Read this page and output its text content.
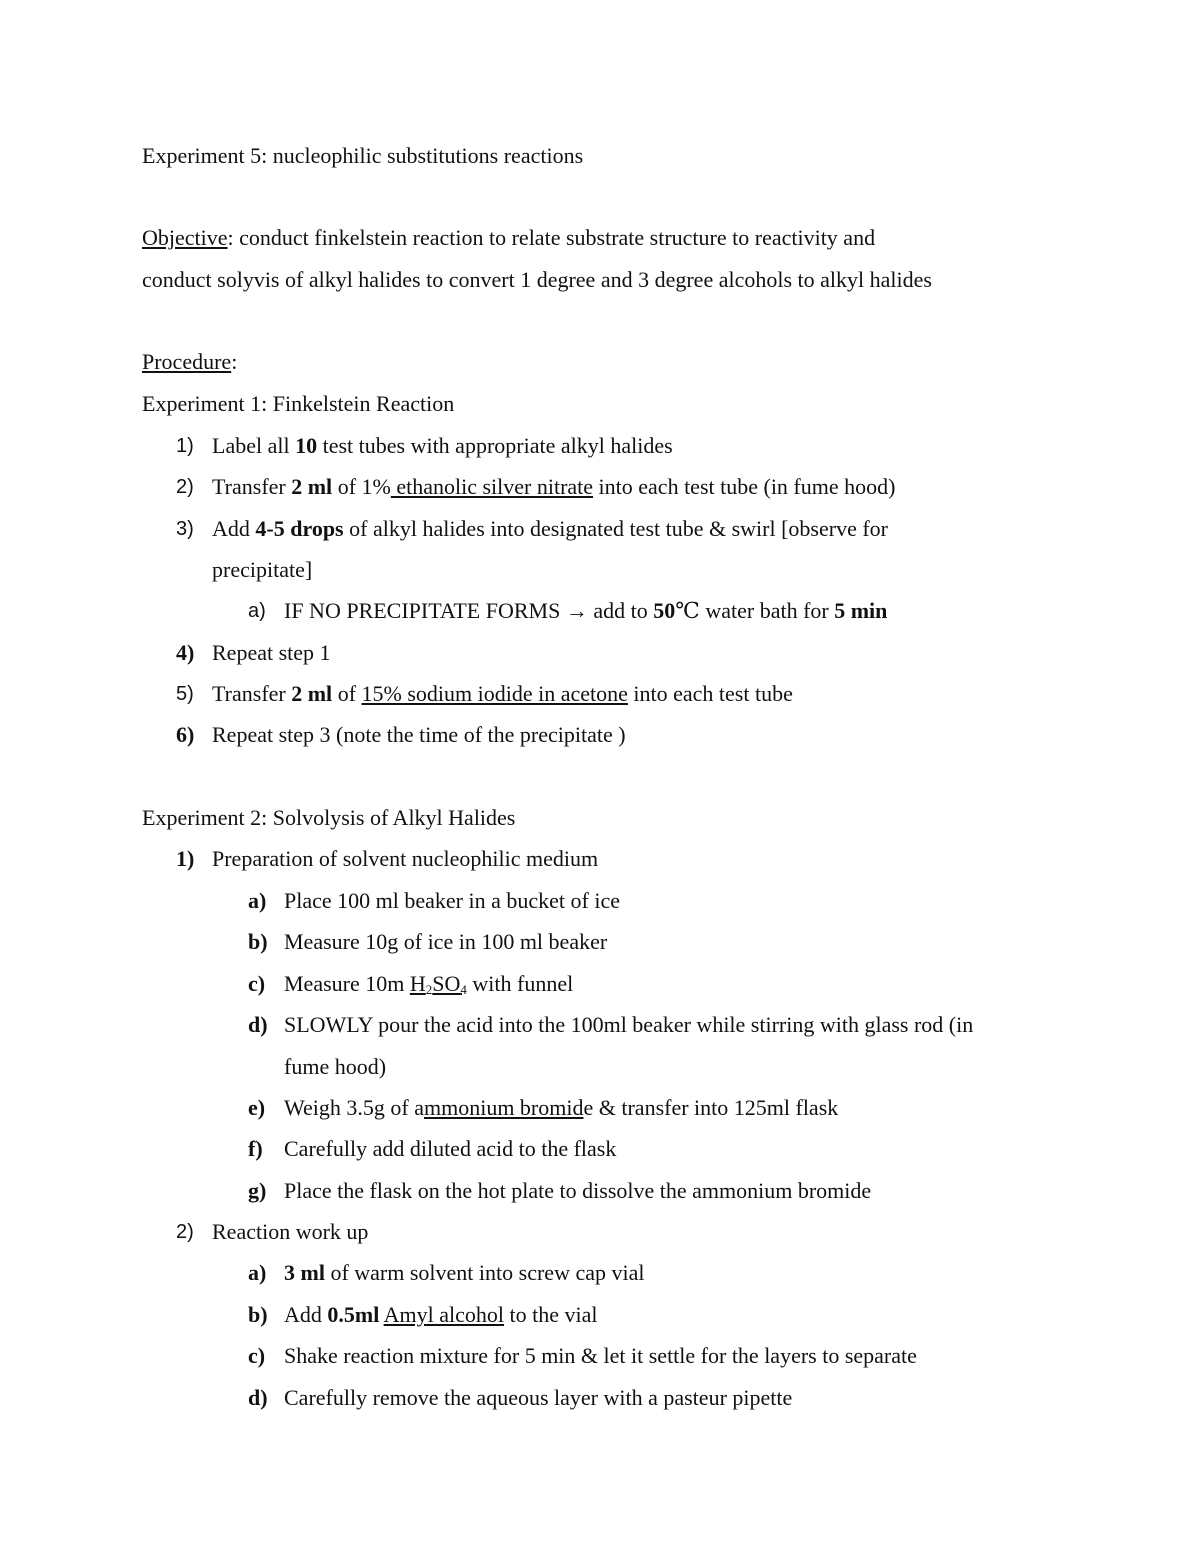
Experiment 5: nucleophilic substitutions reactions
Objective: conduct finkelstein reaction to relate substrate structure to reactivity and
conduct solyvis of alkyl halides to convert 1 degree and 3 degree alcohols to alkyl halides
Procedure:
Experiment 1: Finkelstein Reaction
1) Label all 10 test tubes with appropriate alkyl halides
2) Transfer 2 ml of 1% ethanolic silver nitrate into each test tube (in fume hood)
3) Add 4-5 drops of alkyl halides into designated test tube & swirl [observe for
precipitate]
a) IF NO PRECIPITATE FORMS → add to 50℃ water bath for 5 min
4) Repeat step 1
5) Transfer 2 ml of 15% sodium iodide in acetone into each test tube
6) Repeat step 3 (note the time of the precipitate )
Experiment 2: Solvolysis of Alkyl Halides
1) Preparation of solvent nucleophilic medium
a) Place 100 ml beaker in a bucket of ice
b) Measure 10g of ice in 100 ml beaker
c) Measure 10m $H_2SO_4$ with funnel
d) SLOWLY pour the acid into the 100ml beaker while stirring with glass rod (in
fume hood)
e) Weigh 3.5g of ammonium bromide & transfer into 125ml flask
f) Carefully add diluted acid to the flask
g) Place the flask on the hot plate to dissolve the ammonium bromide
2) Reaction work up
a) 3 ml of warm solvent into screw cap vial
b) Add 0.5ml Amyl alcohol to the vial
c) Shake reaction mixture for 5 min & let it settle for the layers to separate
d) Carefully remove the aqueous layer with a pasteur pipette
